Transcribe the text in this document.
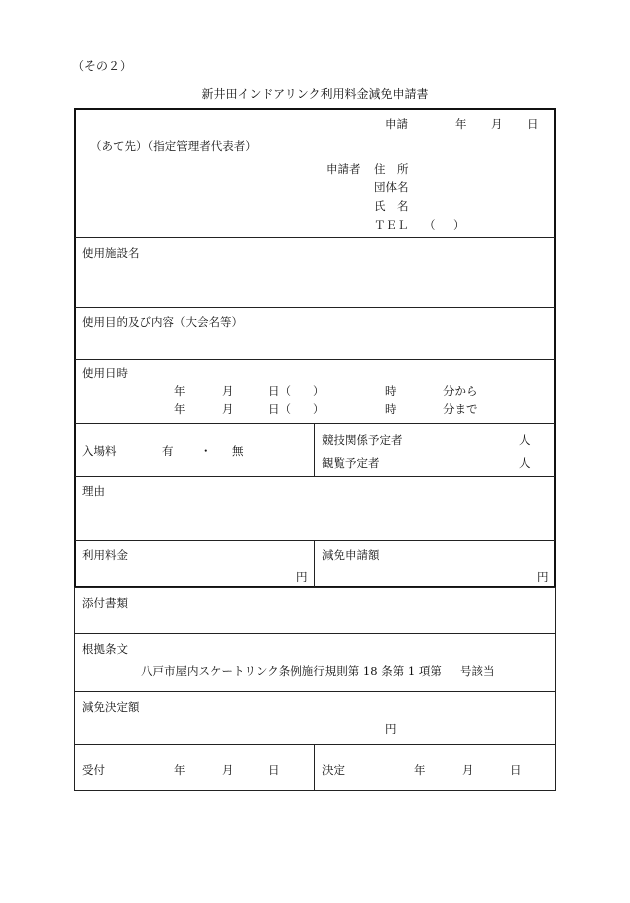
（その２）
新井田インドアリンク利用料金減免申請書
申請	年 月 日
（あて先）（指定管理者代表者）
申請者 住　所
団体名
氏　名
ＴＥＬ （ ）
使用施設名
使用目的及び内容（大会名等）
使用日時
年	月	日（ ）	時	分から
年	月	日（ ）	時	分まで
入場料	有 ・ 無
競技関係予定者	人
観覧予定者	人
理由
利用料金
円
減免申請額
円
添付書類
根拠条文
八戸市屋内スケートリンク条例施行規則第 18 条第 1 項第 号該当
減免決定額
円
受付	年	月	日	決定	年	月	日
